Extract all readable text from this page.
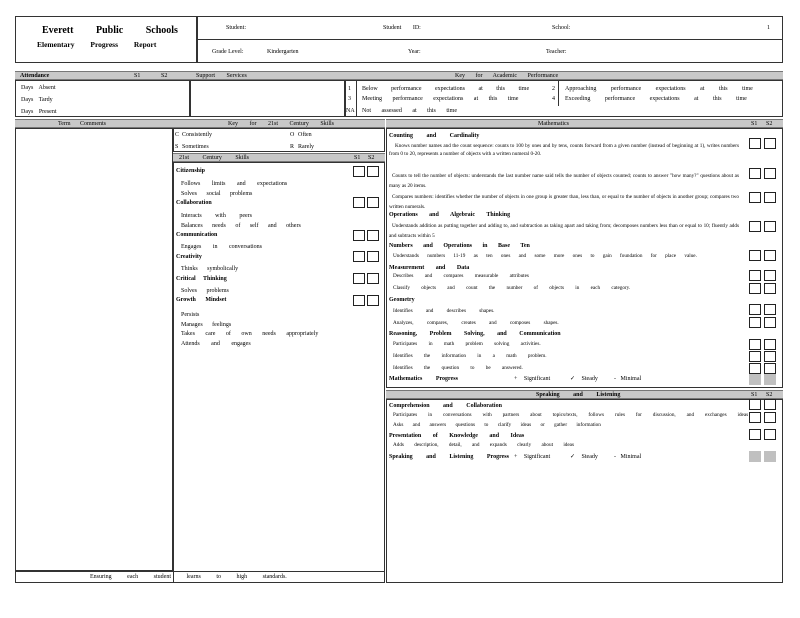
Everett Public Schools
Elementary Progress Report
Student:	Student ID:	School:	1
Grade Level:	Kindergarten	Year:	Teacher:
Attendance	S1	S2	Support Services	Key for Academic Performance
Days Absent
Days Tardy
Days Present
1 Below performance expectations at this time
3 Meeting performance expectations at this time
NA Not assessed at this time
2 Approaching performance expectations at this time
4 Exceeding performance expectations at this time
Term Comments	Key for 21st Century Skills
C Consistently
S Sometimes
O Often
R Rarely
21st Century Skills	S1 S2
Citizenship
Follows limits and expectations
Solves social problems
Collaboration
Interacts with peers
Balances needs of self and others
Communication
Engages in conversations
Creativity
Thinks symbolically
Critical Thinking
Solves problems
Growth Mindset
Persists
Manages feelings
Takes care of own needs appropriately
Attends and engages
Ensuring each student learns to high standards.
Mathematics	S1 S2
Counting and Cardinality
Knows number names and the count sequence: counts to 100 by ones and by tens, counts forward from a given number (instead of beginning at 1), writes numbers from 0 to 20, represents a number of objects with a written numeral 0-20.
Counts to tell the number of objects: understands the last number name said tells the number of objects counted; counts to answer "how many?" questions about as many as 20 items.
Compares numbers: identifies whether the number of objects in one group is greater than, less than, or equal to the number of objects in another group; compares two written numerals.
Operations and Algebraic Thinking
Understands addition as putting together and adding to, and subtraction as taking apart and taking from; decomposes numbers less than or equal to 10; fluently adds and subtracts within 5
Numbers and Operations in Base Ten
Understands numbers 11-19 as ten ones and some more ones to gain foundation for place value.
Measurement and Data
Describes and compares measurable attributes
Classify objects and count the number of objects in each category.
Geometry
Identifies and describes shapes.
Analyzes, compares, creates and composes shapes.
Reasoning, Problem Solving, and Communication
Participates in math problem solving activities.
Identifies the information in a math problem.
Identifies the question to be answered.
Mathematics Progress	+ Significant	✓ Steady	- Minimal
Speaking and Listening	S1 S2
Comprehension and Collaboration
Participates in conversations with partners about topics/texts, follows rules for discussion, and exchanges ideas
Asks and answers questions to clarify ideas or gather information
Presentation of Knowledge and Ideas
Adds description, detail, and expands clearly about ideas
Speaking and Listening Progress + Significant	✓ Steady	- Minimal
